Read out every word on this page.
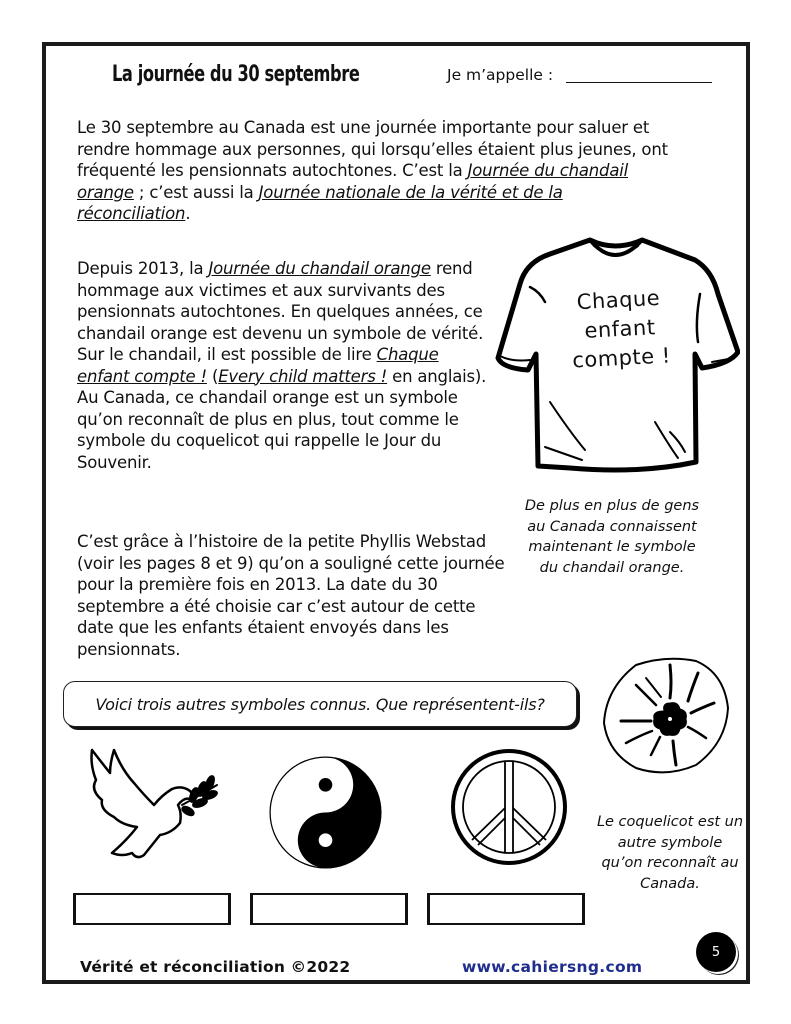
La journée du 30 septembre	Je m’appelle :

Le 30 septembre au Canada est une journée importante pour saluer et rendre hommage aux personnes, qui lorsqu’elles étaient plus jeunes, ont fréquenté les pensionnats autochtones. C’est la Journée du chandail orange ; c’est aussi la Journée nationale de la vérité et de la réconciliation.

Depuis 2013, la Journée du chandail orange rend hommage aux victimes et aux survivants des pensionnats autochtones. En quelques années, ce chandail orange est devenu un symbole de vérité. Sur le chandail, il est possible de lire Chaque enfant compte ! (Every child matters ! en anglais). Au Canada, ce chandail orange est un symbole qu’on reconnaît de plus en plus, tout comme le symbole du coquelicot qui rappelle le Jour du Souvenir.

C’est grâce à l’histoire de la petite Phyllis Webstad (voir les pages 8 et 9) qu’on a souligné cette journée pour la première fois en 2013. La date du 30 septembre a été choisie car c’est autour de cette date que les enfants étaient envoyés dans les pensionnats.

Chaque
enfant
compte !

De plus en plus de gens au Canada connaissent maintenant le symbole du chandail orange.

Voici trois autres symboles connus. Que représentent-ils?

Le coquelicot est un autre symbole qu’on reconnaît au Canada.

Vérité et réconciliation ©2022	www.cahiersng.com
5
